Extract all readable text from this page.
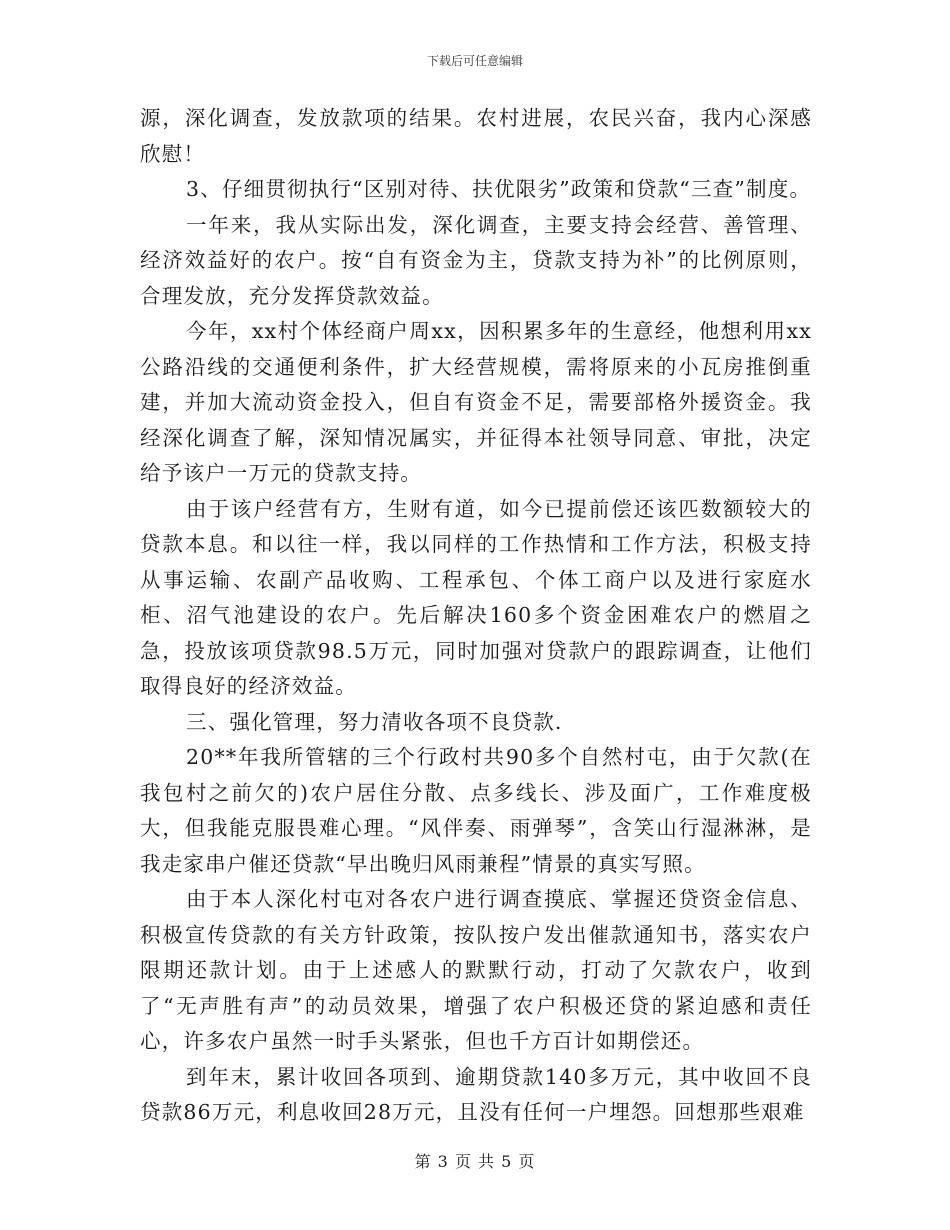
下载后可任意编辑

源，深化调查，发放款项的结果。农村进展，农民兴奋，我内心深感欣慰！

3、仔细贯彻执行“区别对待、扶优限劣”政策和贷款“三查”制度。

一年来，我从实际出发，深化调查，主要支持会经营、善管理、经济效益好的农户。按“自有资金为主，贷款支持为补”的比例原则，合理发放，充分发挥贷款效益。

今年，xx村个体经商户周xx，因积累多年的生意经，他想利用xx公路沿线的交通便利条件，扩大经营规模，需将原来的小瓦房推倒重建，并加大流动资金投入，但自有资金不足，需要部格外援资金。我经深化调查了解，深知情况属实，并征得本社领导同意、审批，决定给予该户一万元的贷款支持。

由于该户经营有方，生财有道，如今已提前偿还该匹数额较大的贷款本息。和以往一样，我以同样的工作热情和工作方法，积极支持从事运输、农副产品收购、工程承包、个体工商户以及进行家庭水柜、沼气池建设的农户。先后解决160多个资金困难农户的燃眉之急，投放该项贷款98.5万元，同时加强对贷款户的跟踪调查，让他们取得良好的经济效益。

三、强化管理，努力清收各项不良贷款.

20**年我所管辖的三个行政村共90多个自然村屯，由于欠款(在我包村之前欠的)农户居住分散、点多线长、涉及面广，工作难度极大，但我能克服畏难心理。“风伴奏、雨弹琴”，含笑山行湿淋淋，是我走家串户催还贷款“早出晚归风雨兼程”情景的真实写照。

由于本人深化村屯对各农户进行调查摸底、掌握还贷资金信息、积极宣传贷款的有关方针政策，按队按户发出催款通知书，落实农户限期还款计划。由于上述感人的默默行动，打动了欠款农户，收到了“无声胜有声”的动员效果，增强了农户积极还贷的紧迫感和责任心，许多农户虽然一时手头紧张，但也千方百计如期偿还。

到年末，累计收回各项到、逾期贷款140多万元，其中收回不良贷款86万元，利息收回28万元，且没有任何一户埋怨。回想那些艰难

第 3 页 共 5 页
